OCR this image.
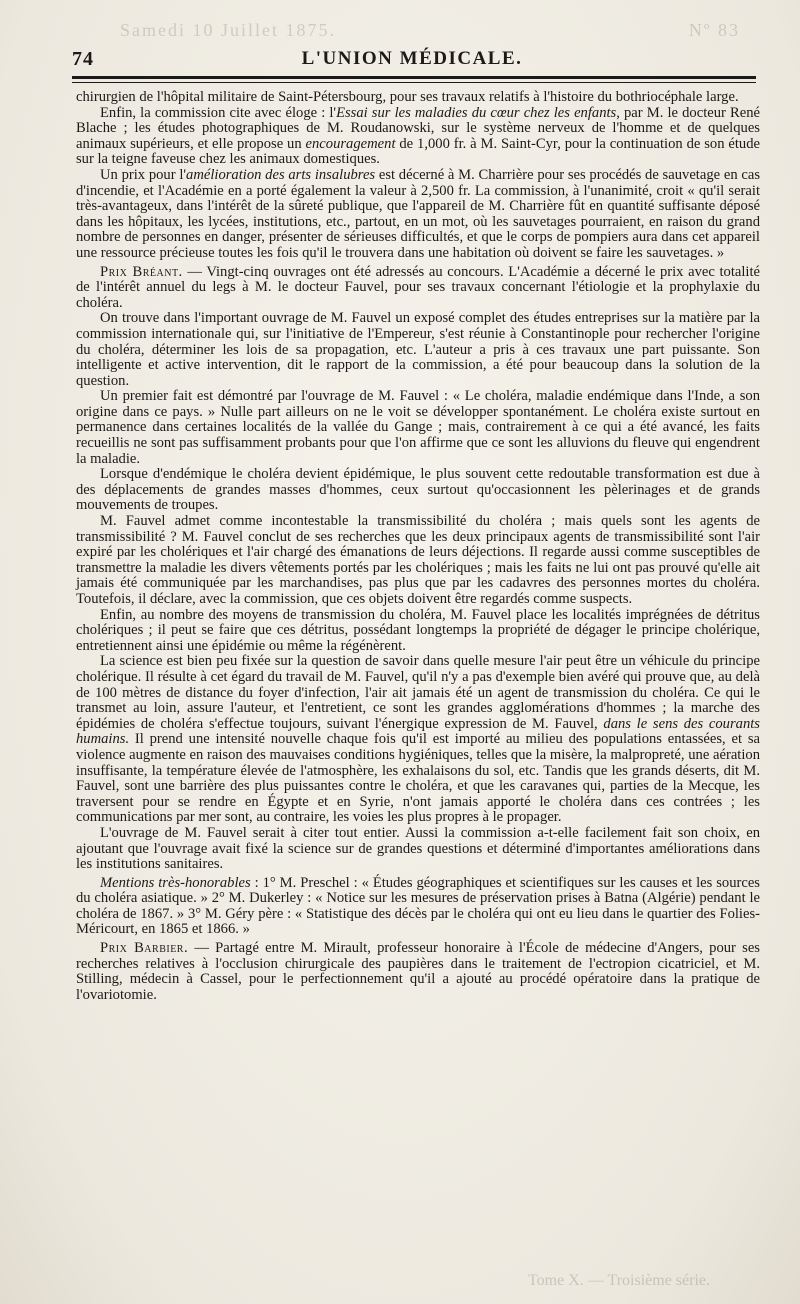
Samedi 10 Juillet 1875.	Nº 83
74	L'UNION MÉDICALE.

chirurgien de l'hôpital militaire de Saint-Pétersbourg, pour ses travaux relatifs à l'histoire du bothriocéphale large.

Enfin, la commission cite avec éloge : l'Essai sur les maladies du cœur chez les enfants, par M. le docteur René Blache ; les études photographiques de M. Roudanowski, sur le système nerveux de l'homme et de quelques animaux supérieurs, et elle propose un encouragement de 1,000 fr. à M. Saint-Cyr, pour la continuation de son étude sur la teigne faveuse chez les animaux domestiques.

Un prix pour l'amélioration des arts insalubres est décerné à M. Charrière pour ses procédés de sauvetage en cas d'incendie, et l'Académie en a porté également la valeur à 2,500 fr. La commission, à l'unanimité, croit « qu'il serait très-avantageux, dans l'intérêt de la sûreté publique, que l'appareil de M. Charrière fût en quantité suffisante déposé dans les hôpitaux, les lycées, institutions, etc., partout, en un mot, où les sauvetages pourraient, en raison du grand nombre de personnes en danger, présenter de sérieuses difficultés, et que le corps de pompiers aura dans cet appareil une ressource précieuse toutes les fois qu'il le trouvera dans une habitation où doivent se faire les sauvetages. »

Prix Bréant. — Vingt-cinq ouvrages ont été adressés au concours. L'Académie a décerné le prix avec totalité de l'intérêt annuel du legs à M. le docteur Fauvel, pour ses travaux concernant l'étiologie et la prophylaxie du choléra.

On trouve dans l'important ouvrage de M. Fauvel un exposé complet des études entreprises sur la matière par la commission internationale qui, sur l'initiative de l'Empereur, s'est réunie à Constantinople pour rechercher l'origine du choléra, déterminer les lois de sa propagation, etc. L'auteur a pris à ces travaux une part puissante. Son intelligente et active intervention, dit le rapport de la commission, a été pour beaucoup dans la solution de la question.

Un premier fait est démontré par l'ouvrage de M. Fauvel : « Le choléra, maladie endémique dans l'Inde, a son origine dans ce pays. » Nulle part ailleurs on ne le voit se développer spontanément. Le choléra existe surtout en permanence dans certaines localités de la vallée du Gange ; mais, contrairement à ce qui a été avancé, les faits recueillis ne sont pas suffisamment probants pour que l'on affirme que ce sont les alluvions du fleuve qui engendrent la maladie.

Lorsque d'endémique le choléra devient épidémique, le plus souvent cette redoutable transformation est due à des déplacements de grandes masses d'hommes, ceux surtout qu'occasionnent les pèlerinages et de grands mouvements de troupes.

M. Fauvel admet comme incontestable la transmissibilité du choléra ; mais quels sont les agents de transmissibilité ? M. Fauvel conclut de ses recherches que les deux principaux agents de transmissibilité sont l'air expiré par les cholériques et l'air chargé des émanations de leurs déjections. Il regarde aussi comme susceptibles de transmettre la maladie les divers vêtements portés par les cholériques ; mais les faits ne lui ont pas prouvé qu'elle ait jamais été communiquée par les marchandises, pas plus que par les cadavres des personnes mortes du choléra. Toutefois, il déclare, avec la commission, que ces objets doivent être regardés comme suspects.

Enfin, au nombre des moyens de transmission du choléra, M. Fauvel place les localités imprégnées de détritus cholériques ; il peut se faire que ces détritus, possédant longtemps la propriété de dégager le principe cholérique, entretiennent ainsi une épidémie ou même la régénèrent.

La science est bien peu fixée sur la question de savoir dans quelle mesure l'air peut être un véhicule du principe cholérique. Il résulte à cet égard du travail de M. Fauvel, qu'il n'y a pas d'exemple bien avéré qui prouve que, au delà de 100 mètres de distance du foyer d'infection, l'air ait jamais été un agent de transmission du choléra. Ce qui le transmet au loin, assure l'auteur, et l'entretient, ce sont les grandes agglomérations d'hommes ; la marche des épidémies de choléra s'effectue toujours, suivant l'énergique expression de M. Fauvel, dans le sens des courants humains. Il prend une intensité nouvelle chaque fois qu'il est importé au milieu des populations entassées, et sa violence augmente en raison des mauvaises conditions hygiéniques, telles que la misère, la malpropreté, une aération insuffisante, la température élevée de l'atmosphère, les exhalaisons du sol, etc. Tandis que les grands déserts, dit M. Fauvel, sont une barrière des plus puissantes contre le choléra, et que les caravanes qui, parties de la Mecque, les traversent pour se rendre en Égypte et en Syrie, n'ont jamais apporté le choléra dans ces contrées ; les communications par mer sont, au contraire, les voies les plus propres à le propager.

L'ouvrage de M. Fauvel serait à citer tout entier. Aussi la commission a-t-elle facilement fait son choix, en ajoutant que l'ouvrage avait fixé la science sur de grandes questions et déterminé d'importantes améliorations dans les institutions sanitaires.

Mentions très-honorables : 1° M. Preschel : « Études géographiques et scientifiques sur les causes et les sources du choléra asiatique. » 2° M. Dukerley : « Notice sur les mesures de préservation prises à Batna (Algérie) pendant le choléra de 1867. » 3° M. Géry père : « Statistique des décès par le choléra qui ont eu lieu dans le quartier des Folies-Méricourt, en 1865 et 1866. »

Prix Barbier. — Partagé entre M. Mirault, professeur honoraire à l'École de médecine d'Angers, pour ses recherches relatives à l'occlusion chirurgicale des paupières dans le traitement de l'ectropion cicatriciel, et M. Stilling, médecin à Cassel, pour le perfectionnement qu'il a ajouté au procédé opératoire dans la pratique de l'ovariotomie.

Tome X. — Troisième série.
